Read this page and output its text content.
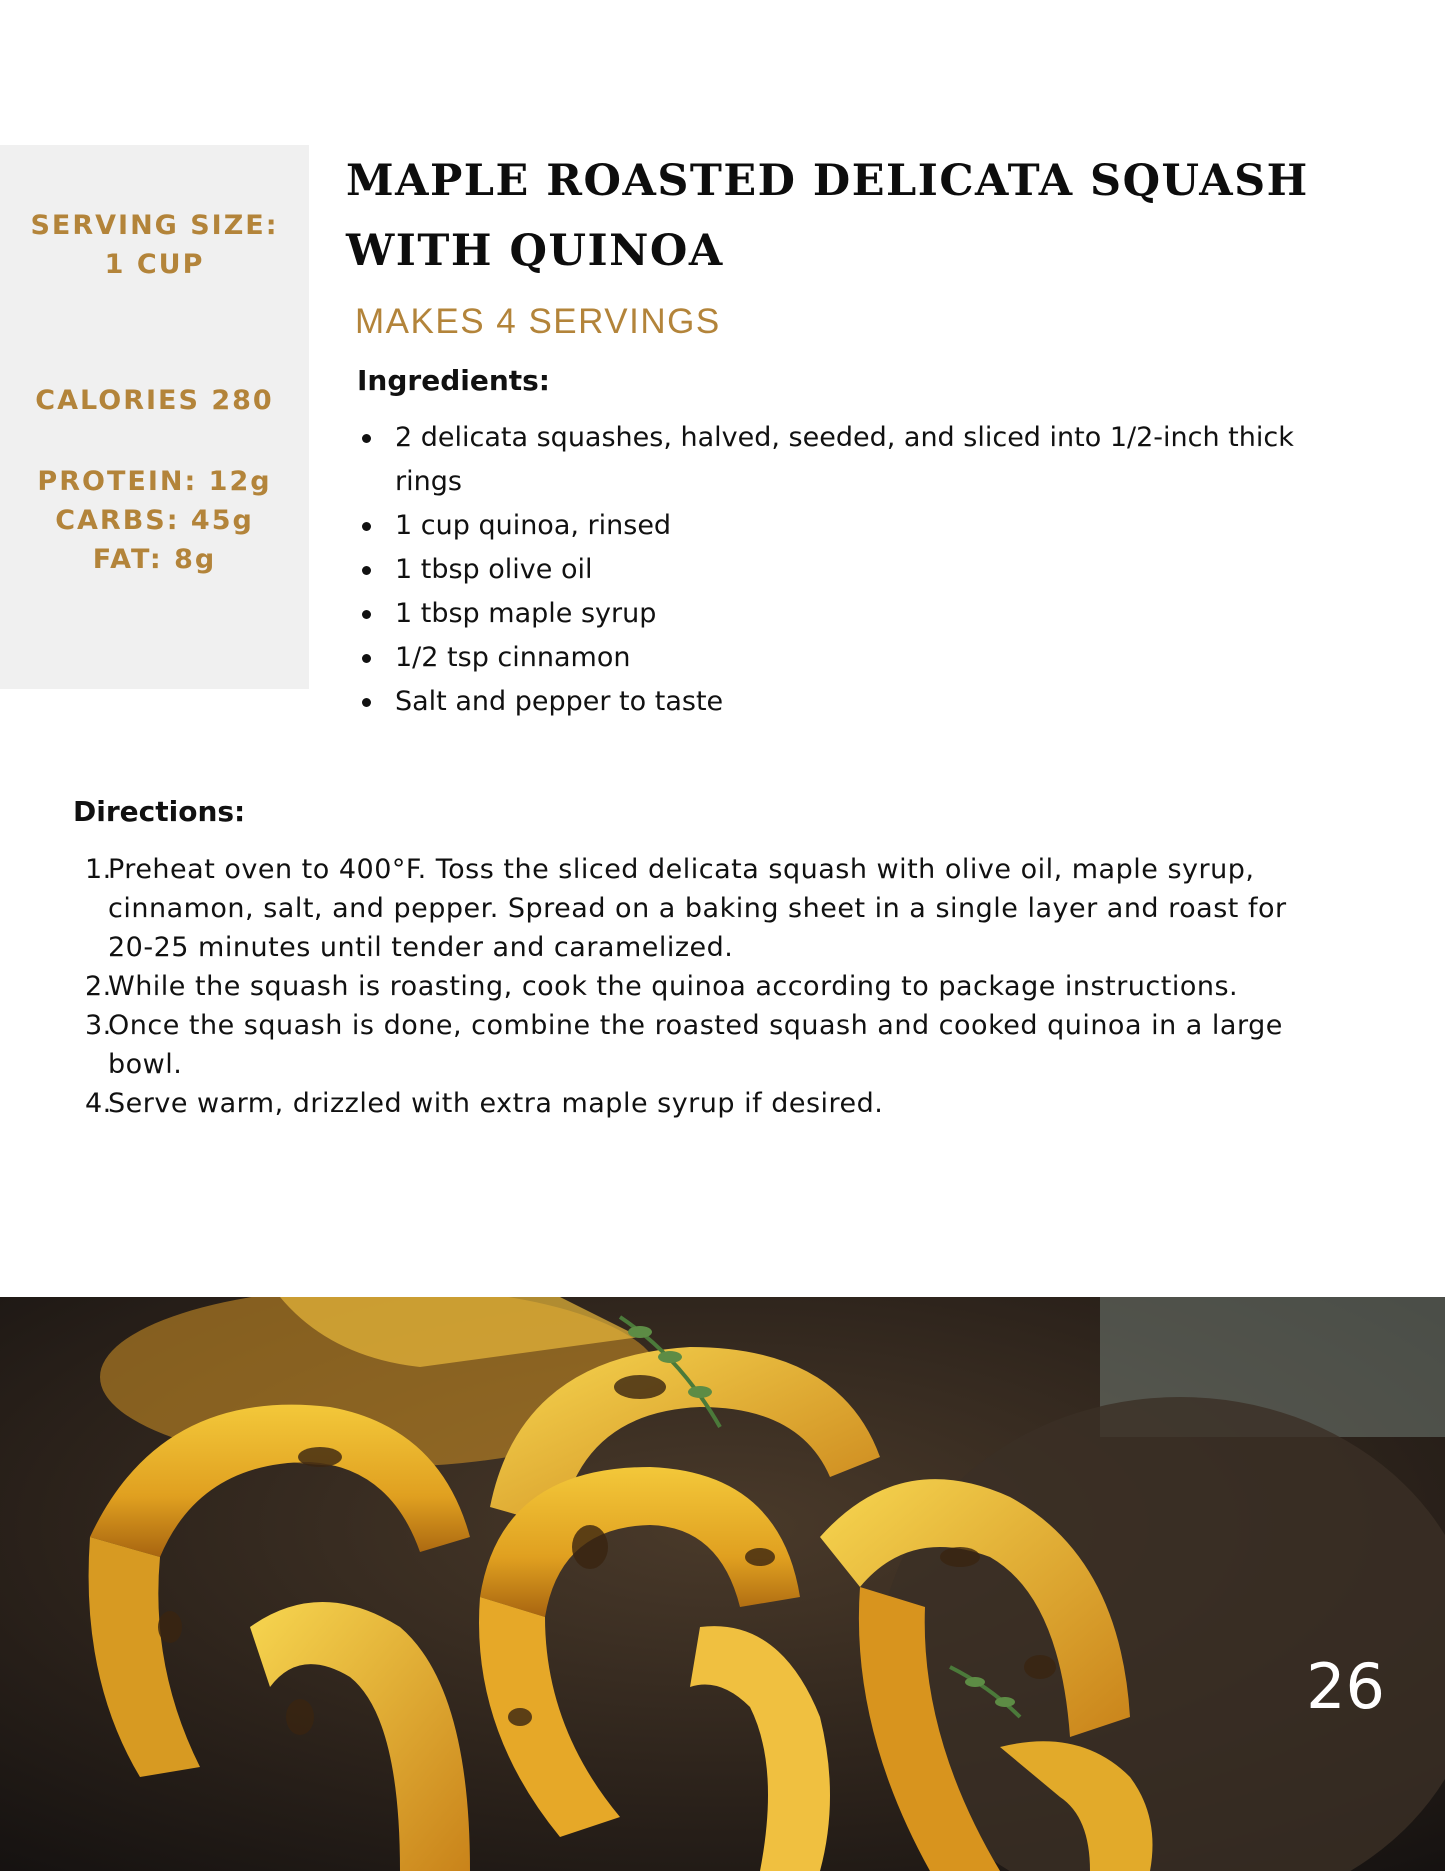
SERVING SIZE:
1 CUP
CALORIES 280
PROTEIN: 12g
CARBS: 45g
FAT: 8g
MAPLE ROASTED DELICATA SQUASH
WITH QUINOA
MAKES 4 SERVINGS
Ingredients:
2 delicata squashes, halved, seeded, and sliced into 1/2-inch thick rings
1 cup quinoa, rinsed
1 tbsp olive oil
1 tbsp maple syrup
1/2 tsp cinnamon
Salt and pepper to taste
Directions:
1.
Preheat oven to 400°F. Toss the sliced delicata squash with olive oil, maple syrup, cinnamon, salt, and pepper. Spread on a baking sheet in a single layer and roast for 20-25 minutes until tender and caramelized.
2.
While the squash is roasting, cook the quinoa according to package instructions.
3.
Once the squash is done, combine the roasted squash and cooked quinoa in a large bowl.
4.
Serve warm, drizzled with extra maple syrup if desired.
26
